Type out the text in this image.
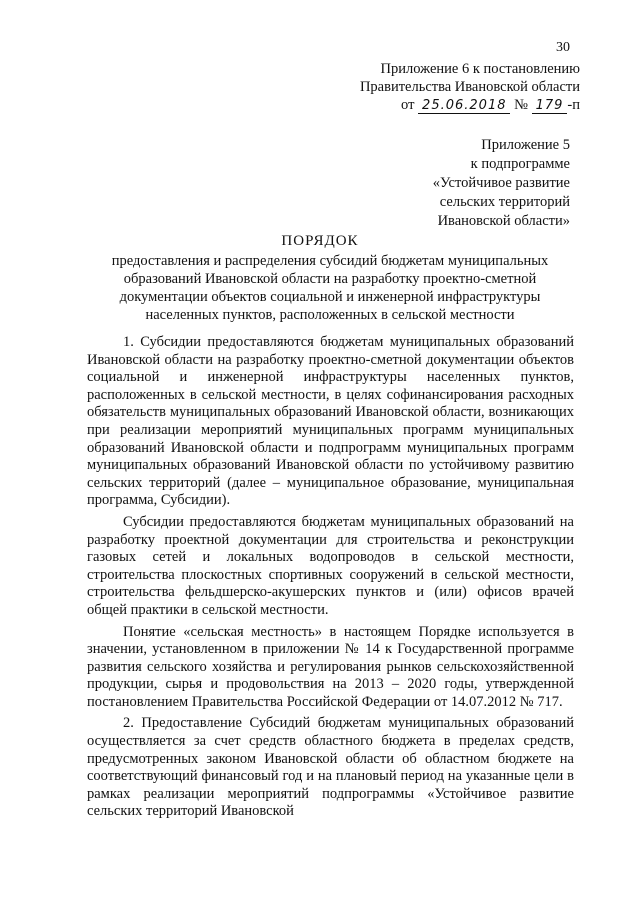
30
Приложение 6 к постановлению
Правительства Ивановской области
от 25.06.2018 № 179 -п
Приложение 5
к подпрограмме
«Устойчивое развитие
сельских территорий
Ивановской области»
ПОРЯДОК
предоставления и распределения субсидий бюджетам муниципальных образований Ивановской области на разработку проектно-сметной документации объектов социальной и инженерной инфраструктуры населенных пунктов, расположенных в сельской местности

1. Субсидии предоставляются бюджетам муниципальных образований Ивановской области на разработку проектно-сметной документации объектов социальной и инженерной инфраструктуры населенных пунктов, расположенных в сельской местности, в целях софинансирования расходных обязательств муниципальных образований Ивановской области, возникающих при реализации мероприятий муниципальных программ муниципальных образований Ивановской области и подпрограмм муниципальных программ муниципальных образований Ивановской области по устойчивому развитию сельских территорий (далее – муниципальное образование, муниципальная программа, Субсидии).

Субсидии предоставляются бюджетам муниципальных образований на разработку проектной документации для строительства и реконструкции газовых сетей и локальных водопроводов в сельской местности, строительства плоскостных спортивных сооружений в сельской местности, строительства фельдшерско-акушерских пунктов и (или) офисов врачей общей практики в сельской местности.

Понятие «сельская местность» в настоящем Порядке используется в значении, установленном в приложении № 14 к Государственной программе развития сельского хозяйства и регулирования рынков сельскохозяйственной продукции, сырья и продовольствия на 2013 – 2020 годы, утвержденной постановлением Правительства Российской Федерации от 14.07.2012 № 717.

2. Предоставление Субсидий бюджетам муниципальных образований осуществляется за счет средств областного бюджета в пределах средств, предусмотренных законом Ивановской области об областном бюджете на соответствующий финансовый год и на плановый период на указанные цели в рамках реализации мероприятий подпрограммы «Устойчивое развитие сельских территорий Ивановской
